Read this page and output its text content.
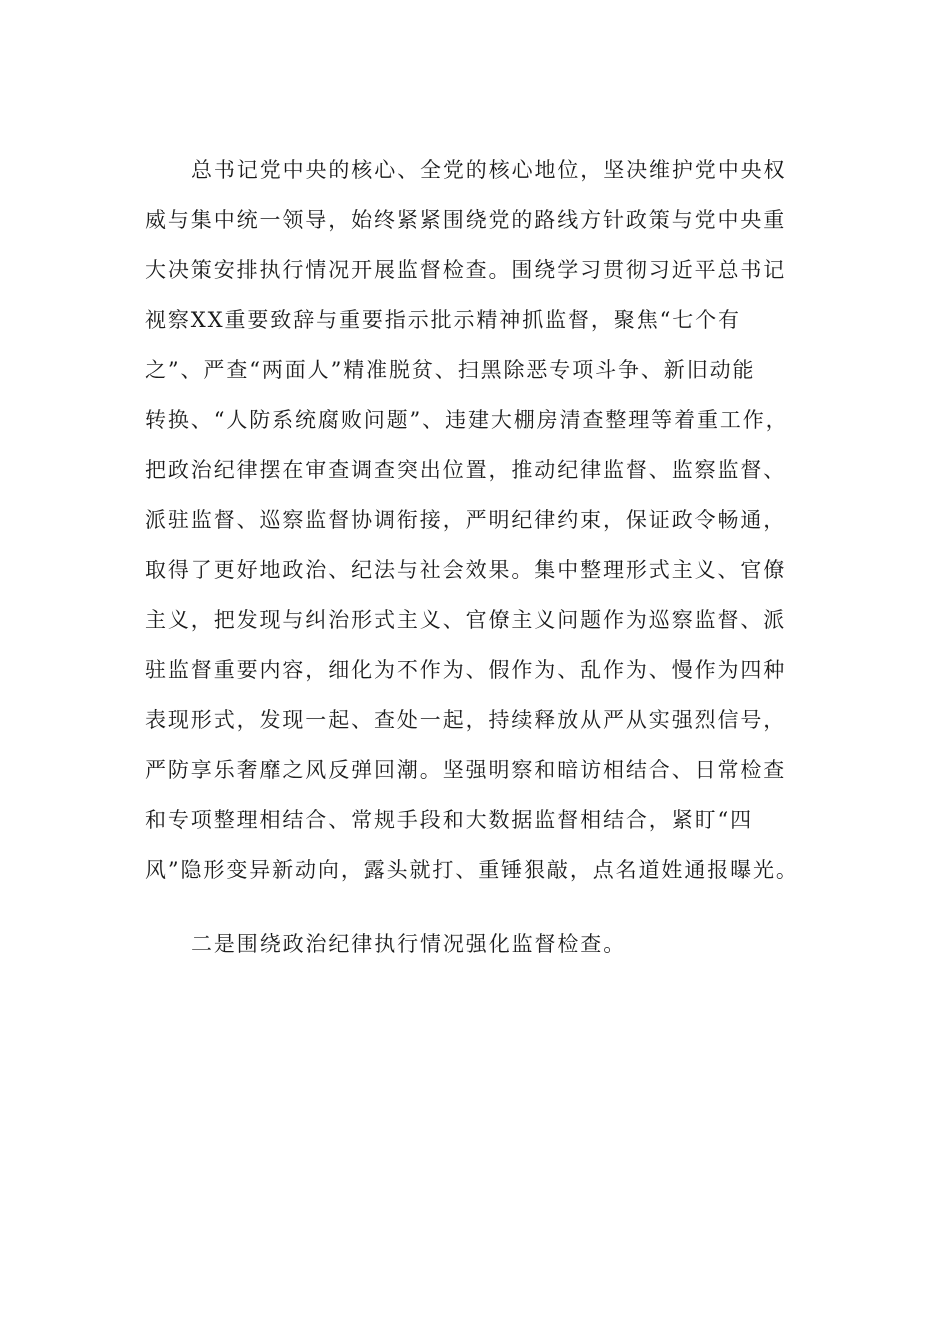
总书记党中央的核心、全党的核心地位，坚决维护党中央权
威与集中统一领导，始终紧紧围绕党的路线方针政策与党中央重
大决策安排执行情况开展监督检查。围绕学习贯彻习近平总书记
视察XX重要致辞与重要指示批示精神抓监督，聚焦“七个有
之”、严查“两面人”精准脱贫、扫黑除恶专项斗争、新旧动能
转换、“人防系统腐败问题”、违建大棚房清查整理等着重工作，
把政治纪律摆在审查调查突出位置，推动纪律监督、监察监督、
派驻监督、巡察监督协调衔接，严明纪律约束，保证政令畅通，
取得了更好地政治、纪法与社会效果。集中整理形式主义、官僚
主义，把发现与纠治形式主义、官僚主义问题作为巡察监督、派
驻监督重要内容，细化为不作为、假作为、乱作为、慢作为四种
表现形式，发现一起、查处一起，持续释放从严从实强烈信号，
严防享乐奢靡之风反弹回潮。坚强明察和暗访相结合、日常检查
和专项整理相结合、常规手段和大数据监督相结合，紧盯“四
风”隐形变异新动向，露头就打、重锤狠敲，点名道姓通报曝光。
二是围绕政治纪律执行情况强化监督检查。
